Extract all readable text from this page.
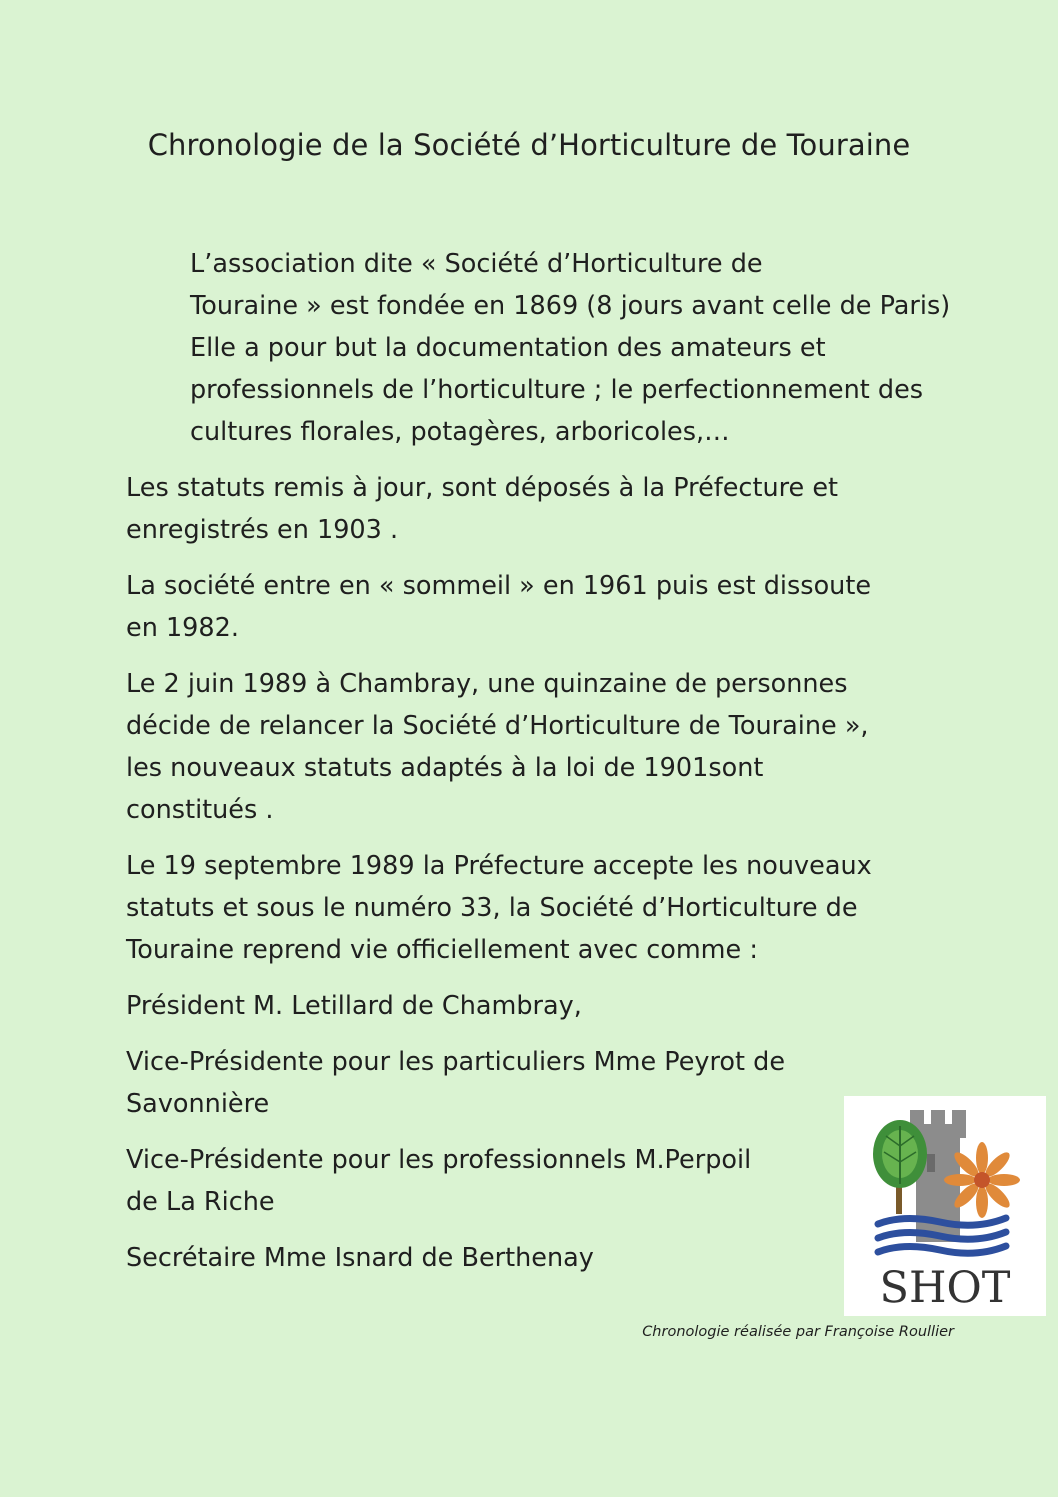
Chronologie de la Société d’Horticulture de Touraine

L’association dite « Société d’Horticulture de
Touraine » est fondée en 1869 (8 jours avant celle de Paris)
Elle a pour but la documentation des amateurs et
professionnels de l’horticulture ; le perfectionnement des
cultures florales, potagères, arboricoles,…

Les statuts remis à jour, sont déposés à la Préfecture et
enregistrés en 1903 .

La société entre en « sommeil » en 1961 puis est dissoute
en 1982.

Le 2 juin 1989 à Chambray, une quinzaine de personnes
décide de relancer la Société d’Horticulture de Touraine »,
les nouveaux statuts adaptés à la loi de 1901sont
constitués .

Le 19 septembre 1989 la Préfecture accepte les nouveaux
statuts et sous le numéro 33, la Société d’Horticulture de
Touraine reprend vie officiellement avec comme :

Président M. Letillard de Chambray,

Vice-Présidente pour les particuliers Mme Peyrot de
Savonnière

Vice-Présidente pour les professionnels M.Perpoil
de La Riche

Secrétaire Mme Isnard de Berthenay

SHOT
Chronologie réalisée par Françoise Roullier
